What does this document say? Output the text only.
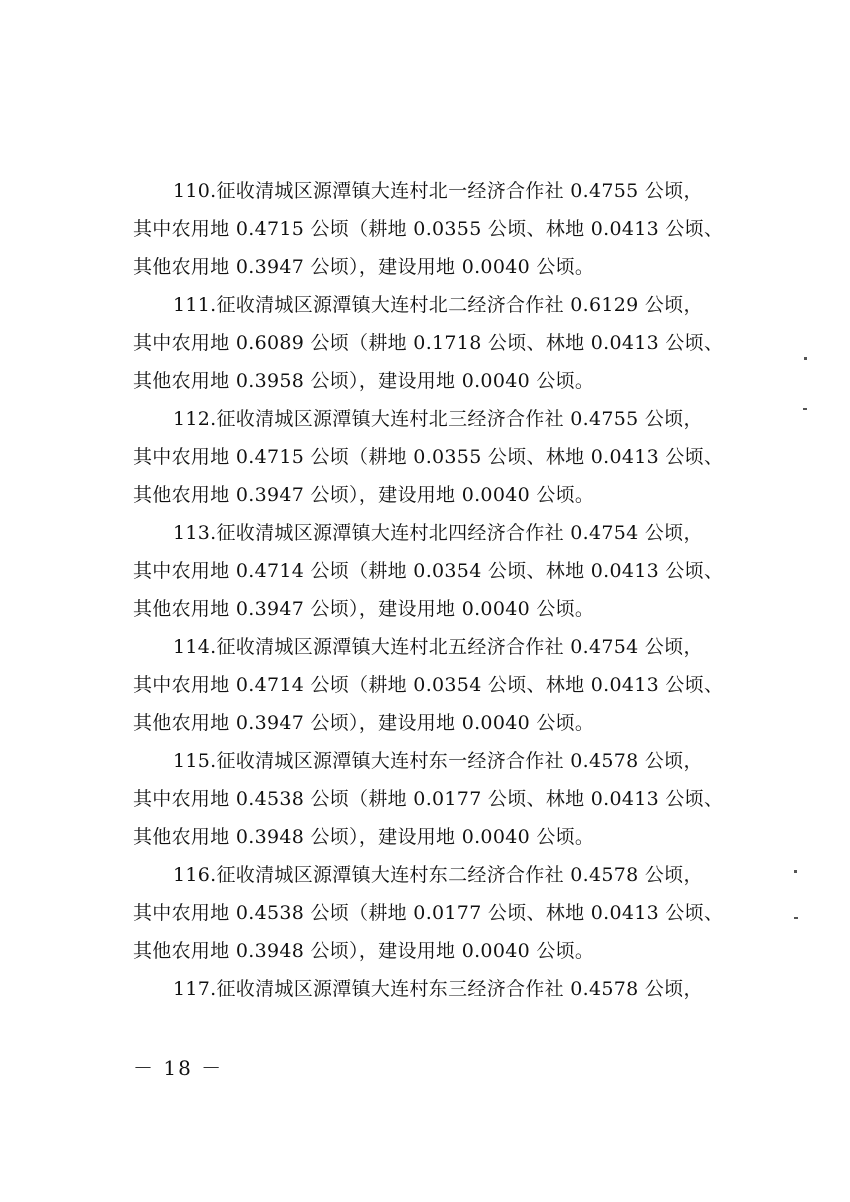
110.征收清城区源潭镇大连村北一经济合作社 0.4755 公顷，
其中农用地 0.4715 公顷（耕地 0.0355 公顷、林地 0.0413 公顷、
其他农用地 0.3947 公顷），建设用地 0.0040 公顷。

111.征收清城区源潭镇大连村北二经济合作社 0.6129 公顷，
其中农用地 0.6089 公顷（耕地 0.1718 公顷、林地 0.0413 公顷、
其他农用地 0.3958 公顷），建设用地 0.0040 公顷。

112.征收清城区源潭镇大连村北三经济合作社 0.4755 公顷，
其中农用地 0.4715 公顷（耕地 0.0355 公顷、林地 0.0413 公顷、
其他农用地 0.3947 公顷），建设用地 0.0040 公顷。

113.征收清城区源潭镇大连村北四经济合作社 0.4754 公顷，
其中农用地 0.4714 公顷（耕地 0.0354 公顷、林地 0.0413 公顷、
其他农用地 0.3947 公顷），建设用地 0.0040 公顷。

114.征收清城区源潭镇大连村北五经济合作社 0.4754 公顷，
其中农用地 0.4714 公顷（耕地 0.0354 公顷、林地 0.0413 公顷、
其他农用地 0.3947 公顷），建设用地 0.0040 公顷。

115.征收清城区源潭镇大连村东一经济合作社 0.4578 公顷，
其中农用地 0.4538 公顷（耕地 0.0177 公顷、林地 0.0413 公顷、
其他农用地 0.3948 公顷），建设用地 0.0040 公顷。

116.征收清城区源潭镇大连村东二经济合作社 0.4578 公顷，
其中农用地 0.4538 公顷（耕地 0.0177 公顷、林地 0.0413 公顷、
其他农用地 0.3948 公顷），建设用地 0.0040 公顷。

117.征收清城区源潭镇大连村东三经济合作社 0.4578 公顷，

－ 18 －
